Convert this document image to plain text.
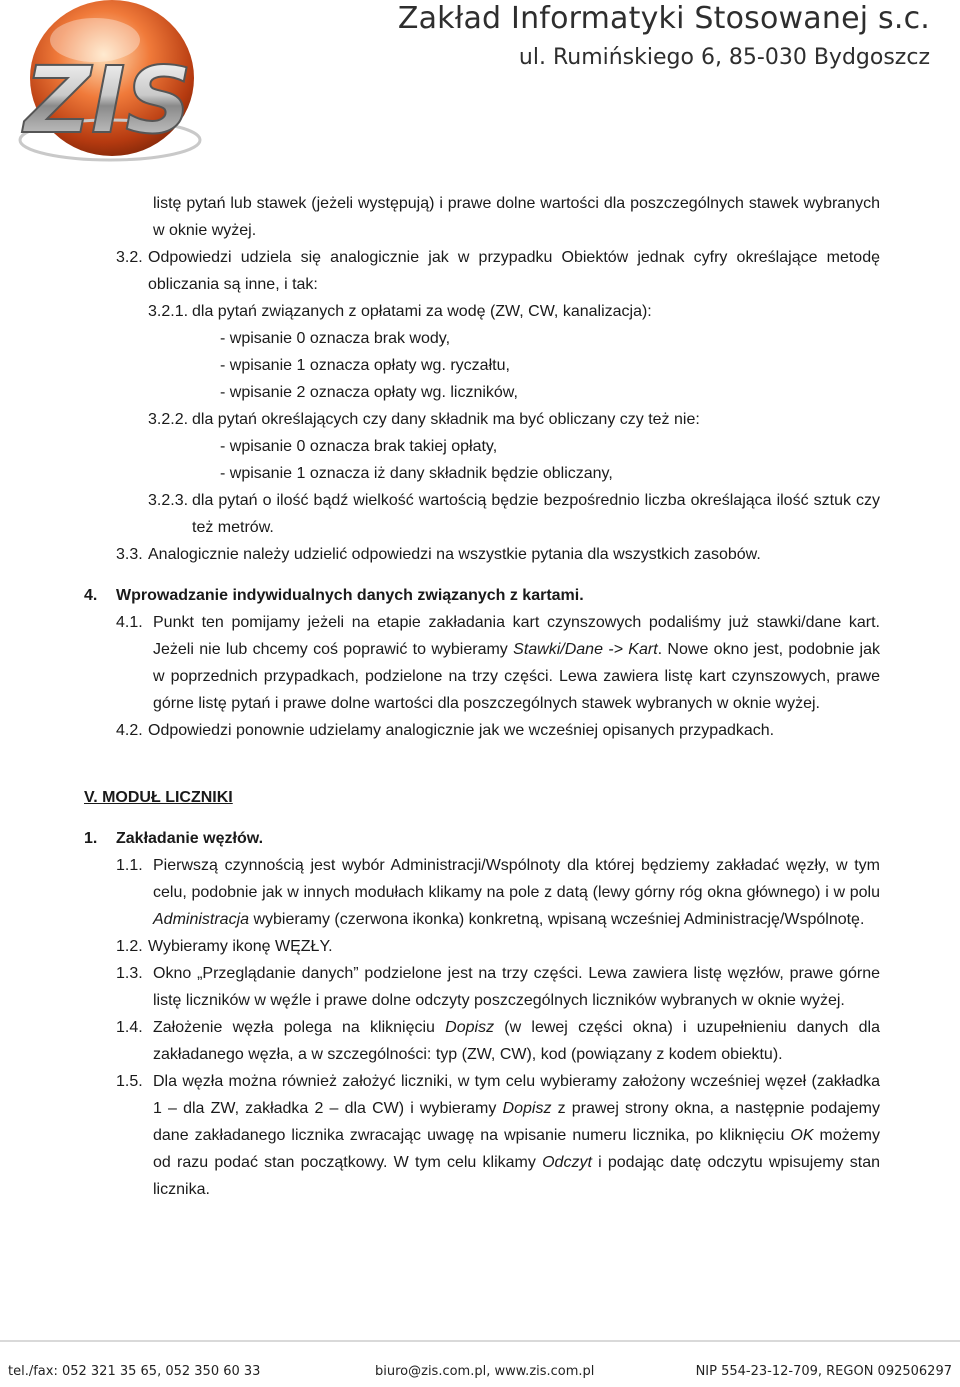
ZIS
Zakład Informatyki Stosowanej s.c.
ul. Rumińskiego 6, 85-030 Bydgoszcz
listę pytań lub stawek (jeżeli występują) i prawe dolne wartości dla poszczególnych stawek wybranych w oknie wyżej.
3.2. Odpowiedzi udziela się analogicznie jak w przypadku Obiektów jednak cyfry określające metodę obliczania są inne, i tak:
3.2.1. dla pytań związanych z opłatami za wodę (ZW, CW, kanalizacja):
- wpisanie 0 oznacza brak wody,
- wpisanie 1 oznacza opłaty wg. ryczałtu,
- wpisanie 2 oznacza opłaty wg. liczników,
3.2.2. dla pytań określających czy dany składnik ma być obliczany czy też nie:
- wpisanie 0 oznacza brak takiej opłaty,
- wpisanie 1 oznacza iż dany składnik będzie obliczany,
3.2.3. dla pytań o ilość bądź wielkość wartością będzie bezpośrednio liczba określająca ilość sztuk czy też metrów.
3.3. Analogicznie należy udzielić odpowiedzi na wszystkie pytania dla wszystkich zasobów.
4. Wprowadzanie indywidualnych danych związanych z kartami.
4.1. Punkt ten pomijamy jeżeli na etapie zakładania kart czynszowych podaliśmy już stawki/dane kart. Jeżeli nie lub chcemy coś poprawić to wybieramy Stawki/Dane -> Kart. Nowe okno jest, podobnie jak w poprzednich przypadkach, podzielone na trzy części. Lewa zawiera listę kart czynszowych, prawe górne listę pytań i prawe dolne wartości dla poszczególnych stawek wybranych w oknie wyżej.
4.2. Odpowiedzi ponownie udzielamy analogicznie jak we wcześniej opisanych przypadkach.
V. MODUŁ LICZNIKI
1. Zakładanie węzłów.
1.1. Pierwszą czynnością jest wybór Administracji/Wspólnoty dla której będziemy zakładać węzły, w tym celu, podobnie jak w innych modułach klikamy na pole z datą (lewy górny róg okna głównego) i w polu Administracja wybieramy (czerwona ikonka) konkretną, wpisaną wcześniej Administrację/Wspólnotę.
1.2. Wybieramy ikonę WĘZŁY.
1.3. Okno „Przeglądanie danych” podzielone jest na trzy części. Lewa zawiera listę węzłów, prawe górne listę liczników w węźle i prawe dolne odczyty poszczególnych liczników wybranych w oknie wyżej.
1.4. Założenie węzła polega na kliknięciu Dopisz (w lewej części okna) i uzupełnieniu danych dla zakładanego węzła, a w szczególności: typ (ZW, CW), kod (powiązany z kodem obiektu).
1.5. Dla węzła można również założyć liczniki, w tym celu wybieramy założony wcześniej węzeł (zakładka 1 – dla ZW, zakładka 2 – dla CW) i wybieramy Dopisz z prawej strony okna, a następnie podajemy dane zakładanego licznika zwracając uwagę na wpisanie numeru licznika, po kliknięciu OK możemy od razu podać stan początkowy. W tym celu klikamy Odczyt i podając datę odczytu wpisujemy stan licznika.
tel./fax: 052 321 35 65, 052 350 60 33	biuro@zis.com.pl, www.zis.com.pl	NIP 554-23-12-709, REGON 092506297
